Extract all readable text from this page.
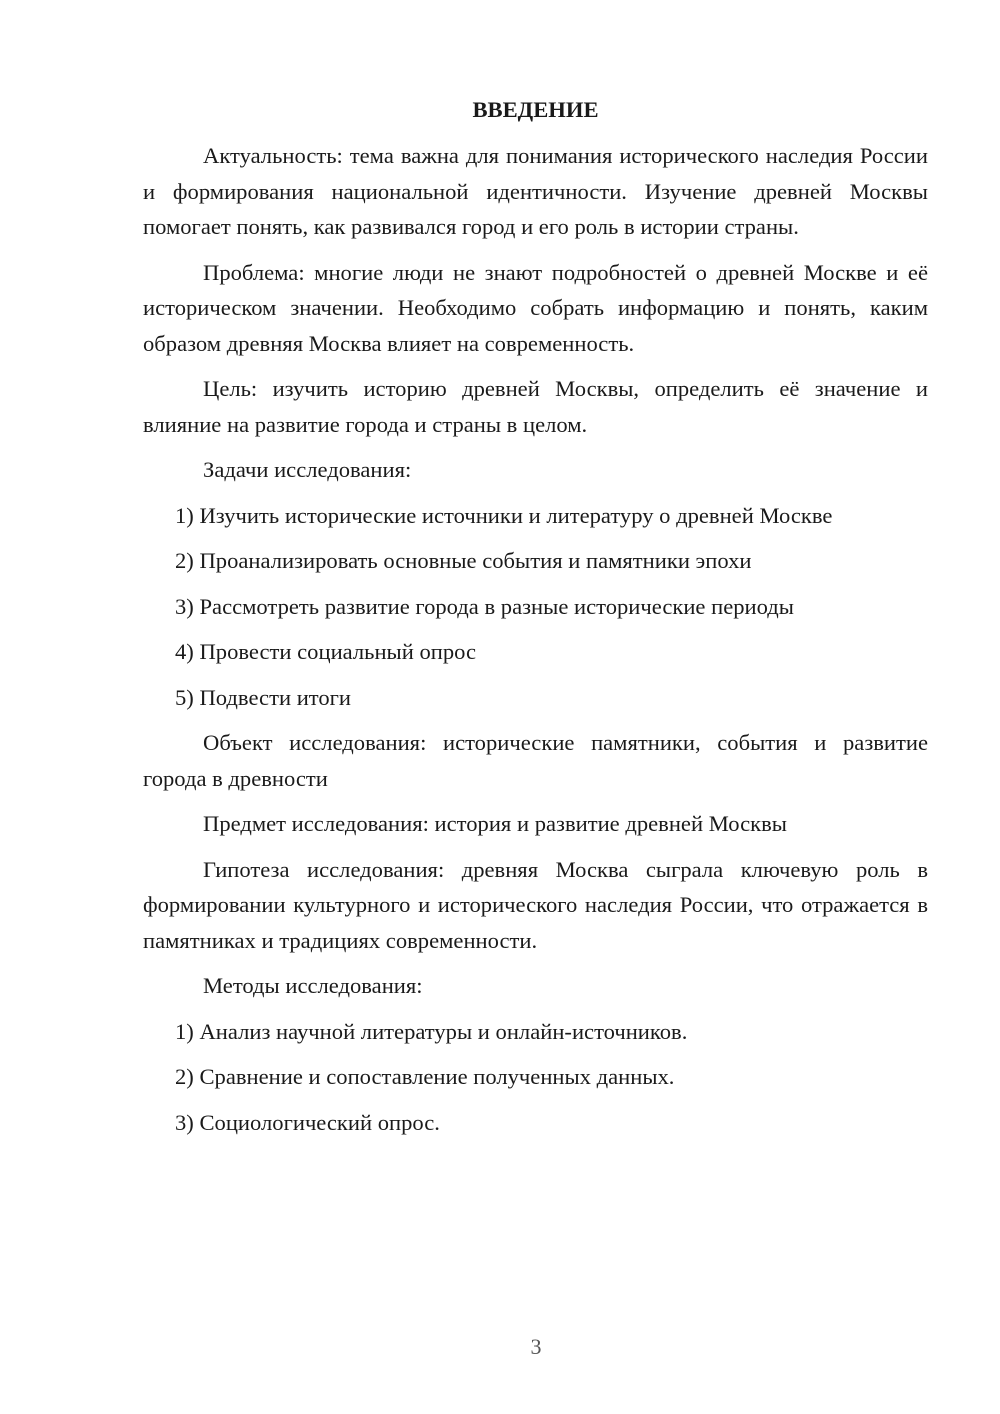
ВВЕДЕНИЕ
Актуальность: тема важна для понимания исторического наследия России и формирования национальной идентичности. Изучение древней Москвы помогает понять, как развивался город и его роль в истории страны.
Проблема: многие люди не знают подробностей о древней Москве и её историческом значении. Необходимо собрать информацию и понять, каким образом древняя Москва влияет на современность.
Цель: изучить историю древней Москвы, определить её значение и влияние на развитие города и страны в целом.
Задачи исследования:
1) Изучить исторические источники и литературу о древней Москве
2) Проанализировать основные события и памятники эпохи
3) Рассмотреть развитие города в разные исторические периоды
4) Провести социальный опрос
5) Подвести итоги
Объект исследования: исторические памятники, события и развитие города в древности
Предмет исследования: история и развитие древней Москвы
Гипотеза исследования: древняя Москва сыграла ключевую роль в формировании культурного и исторического наследия России, что отражается в памятниках и традициях современности.
Методы исследования:
1) Анализ научной литературы и онлайн-источников.
2) Сравнение и сопоставление полученных данных.
3) Социологический опрос.
3
